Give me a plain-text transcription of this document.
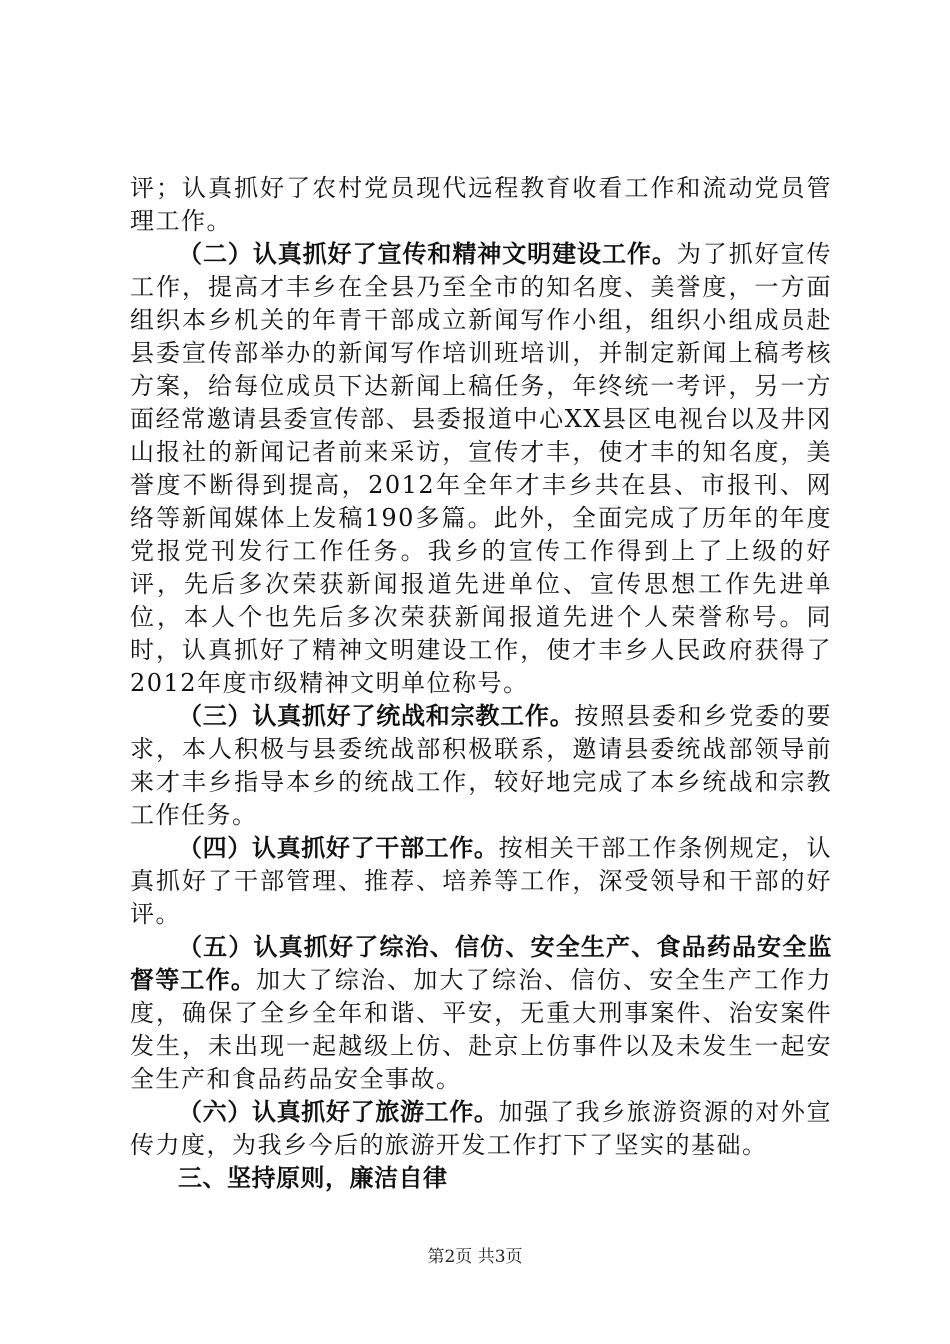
评；认真抓好了农村党员现代远程教育收看工作和流动党员管理工作。

（二）认真抓好了宣传和精神文明建设工作。为了抓好宣传工作，提高才丰乡在全县乃至全市的知名度、美誉度，一方面组织本乡机关的年青干部成立新闻写作小组，组织小组成员赴县委宣传部举办的新闻写作培训班培训，并制定新闻上稿考核方案，给每位成员下达新闻上稿任务，年终统一考评，另一方面经常邀请县委宣传部、县委报道中心XX县区电视台以及井冈山报社的新闻记者前来采访，宣传才丰，使才丰的知名度，美誉度不断得到提高，2012年全年才丰乡共在县、市报刊、网络等新闻媒体上发稿190多篇。此外，全面完成了历年的年度党报党刊发行工作任务。我乡的宣传工作得到上了上级的好评，先后多次荣获新闻报道先进单位、宣传思想工作先进单位，本人个也先后多次荣获新闻报道先进个人荣誉称号。同时，认真抓好了精神文明建设工作，使才丰乡人民政府获得了2012年度市级精神文明单位称号。

（三）认真抓好了统战和宗教工作。按照县委和乡党委的要求，本人积极与县委统战部积极联系，邀请县委统战部领导前来才丰乡指导本乡的统战工作，较好地完成了本乡统战和宗教工作任务。

（四）认真抓好了干部工作。按相关干部工作条例规定，认真抓好了干部管理、推荐、培养等工作，深受领导和干部的好评。

（五）认真抓好了综治、信仿、安全生产、食品药品安全监督等工作。加大了综治、加大了综治、信仿、安全生产工作力度，确保了全乡全年和谐、平安，无重大刑事案件、治安案件发生，未出现一起越级上仿、赴京上仿事件以及未发生一起安全生产和食品药品安全事故。

（六）认真抓好了旅游工作。加强了我乡旅游资源的对外宣传力度，为我乡今后的旅游开发工作打下了坚实的基础。

三、坚持原则，廉洁自律

第2页 共3页
